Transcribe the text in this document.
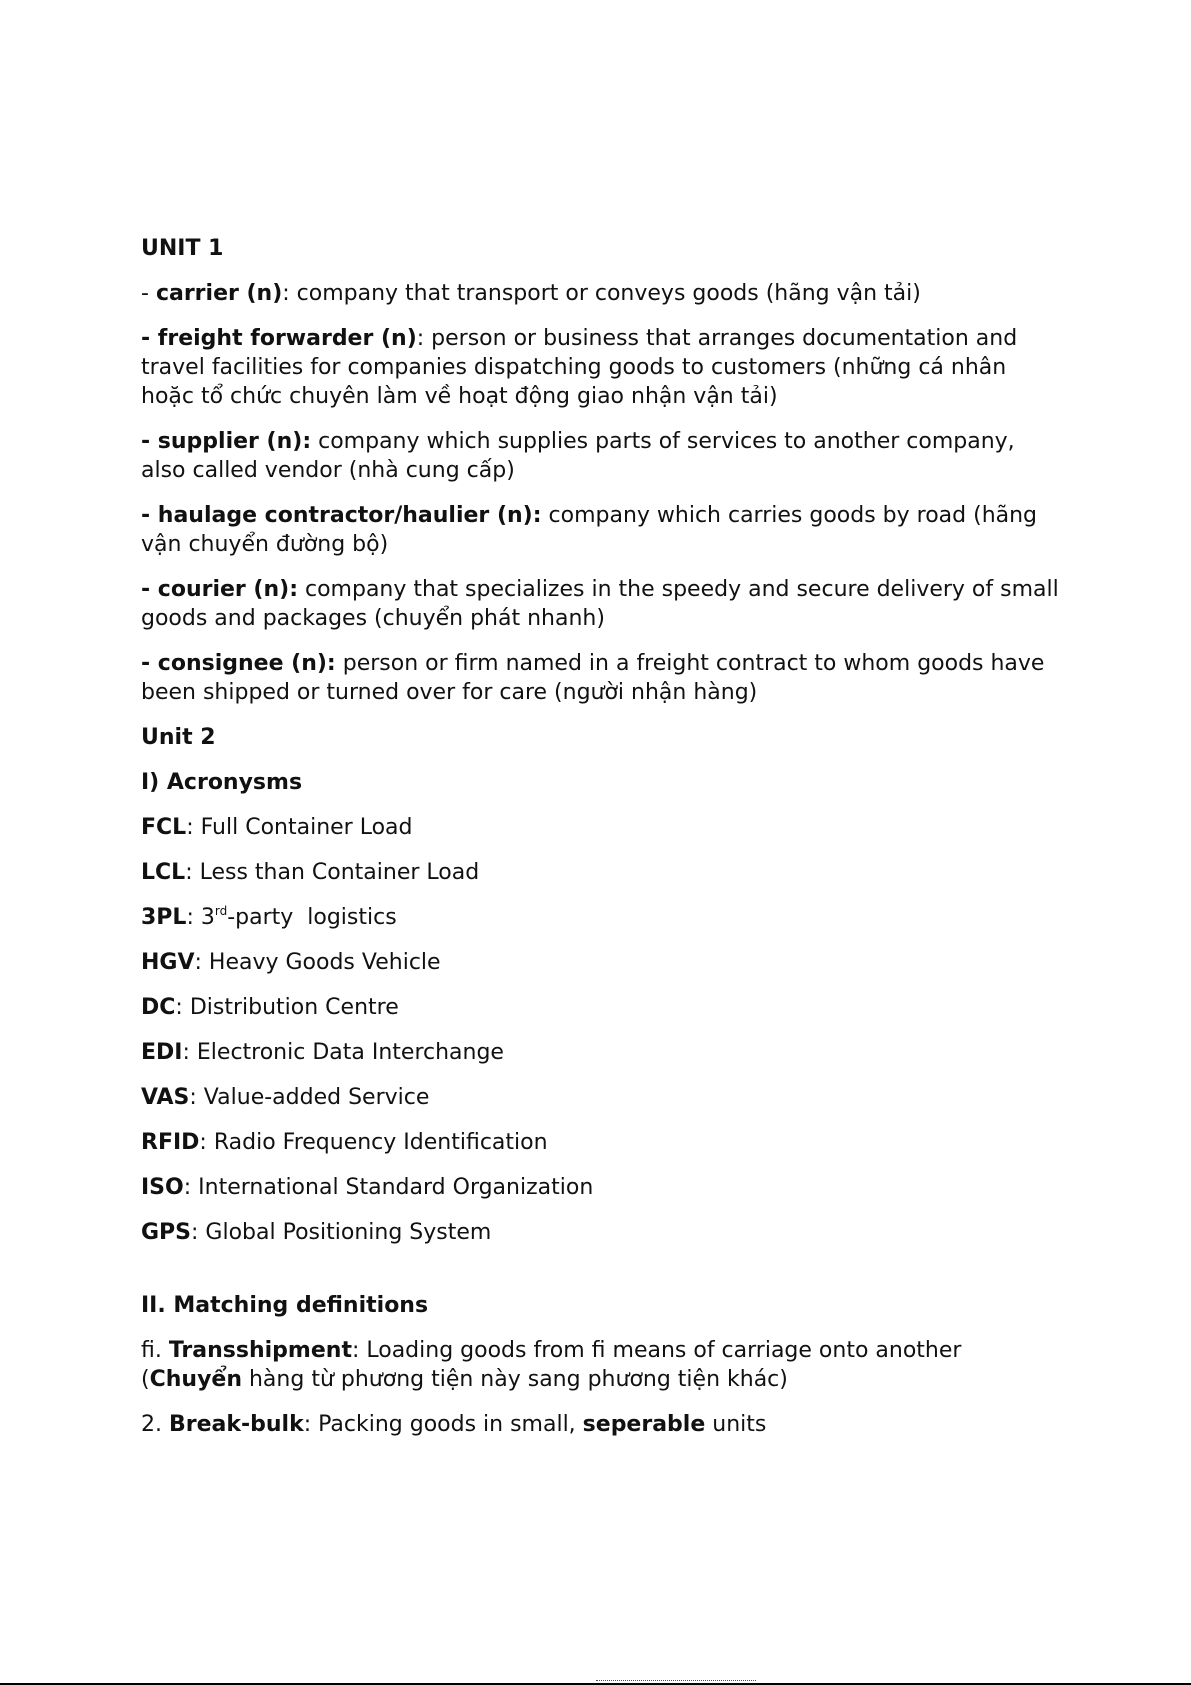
UNIT 1

- carrier (n): company that transport or conveys goods (hãng vận tải)

- freight forwarder (n): person or business that arranges documentation and travel facilities for companies dispatching goods to customers (những cá nhân hoặc tổ chức chuyên làm về hoạt động giao nhận vận tải)

- supplier (n): company which supplies parts of services to another company, also called vendor (nhà cung cấp)

- haulage contractor/haulier (n): company which carries goods by road (hãng vận chuyển đường bộ)

- courier (n): company that specializes in the speedy and secure delivery of small goods and packages (chuyển phát nhanh)

- consignee (n): person or firm named in a freight contract to whom goods have been shipped or turned over for care (người nhận hàng)

Unit 2

I) Acronysms

FCL: Full Container Load

LCL: Less than Container Load

3PL: 3rd-party  logistics

HGV: Heavy Goods Vehicle

DC: Distribution Centre

EDI: Electronic Data Interchange

VAS: Value-added Service

RFID: Radio Frequency Identification

ISO: International Standard Organization

GPS: Global Positioning System

II. Matching definitions

ﬁ. Transshipment: Loading goods from ﬁ means of carriage onto another (Chuyển hàng từ phương tiện này sang phương tiện khác)

2. Break-bulk: Packing goods in small, seperable units
